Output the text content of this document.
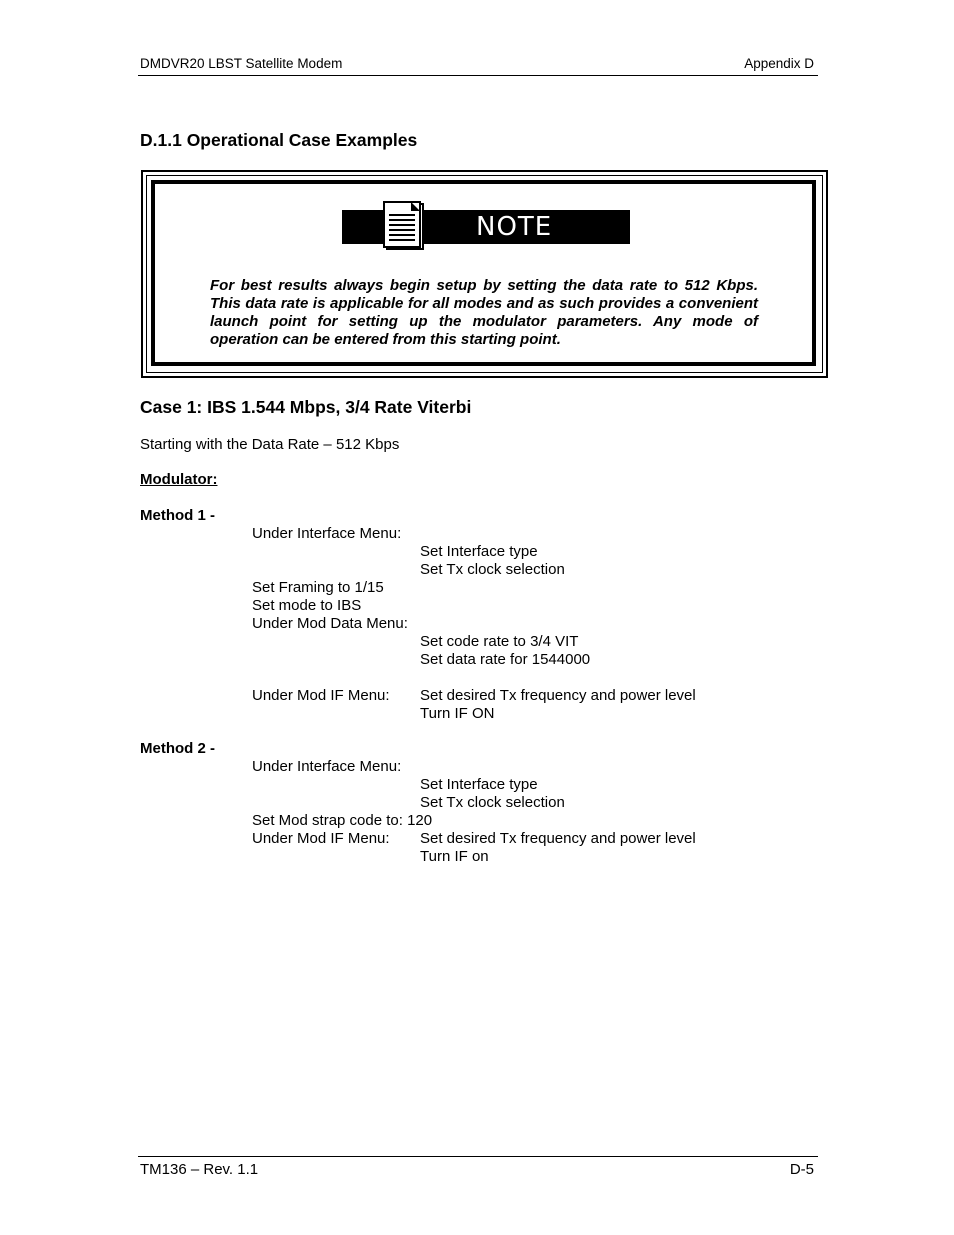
DMDVR20 LBST Satellite Modem	Appendix D
D.1.1 Operational Case Examples
NOTE
For best results always begin setup by setting the data rate to 512 Kbps. This data rate is applicable for all modes and as such provides a convenient launch point for setting up the modulator parameters. Any mode of operation can be entered from this starting point.
Case 1: IBS 1.544 Mbps, 3/4 Rate Viterbi
Starting with the Data Rate – 512 Kbps
Modulator:
Method 1 -
Under Interface Menu:
Set Interface type
Set Tx clock selection
Set Framing to 1/15
Set mode to IBS
Under Mod Data Menu:
Set code rate to 3/4 VIT
Set data rate for 1544000
Under Mod IF Menu: Set desired Tx frequency and power level
Turn IF ON
Method 2 -
Under Interface Menu:
Set Interface type
Set Tx clock selection
Set Mod strap code to: 120
Under Mod IF Menu: Set desired Tx frequency and power level
Turn IF on
TM136 – Rev. 1.1	D-5
